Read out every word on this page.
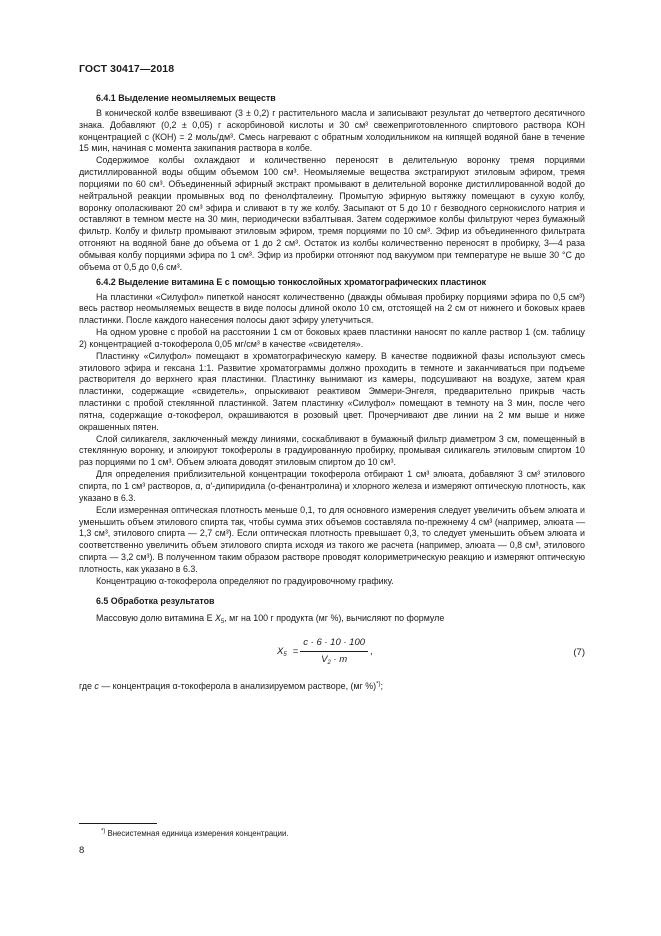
ГОСТ 30417—2018
6.4.1 Выделение неомыляемых веществ

В конической колбе взвешивают (3 ± 0,2) г растительного масла и записывают результат до четвертого десятичного знака. Добавляют (0,2 ± 0,05) г аскорбиновой кислоты и 30 см³ свежеприготовленного спиртового раствора КОН концентрацией с (КОН) = 2 моль/дм³. Смесь нагревают с обратным холодильником на кипящей водяной бане в течение 15 мин, начиная с момента закипания раствора в колбе.

Содержимое колбы охлаждают и количественно переносят в делительную воронку тремя порциями дистиллированной воды общим объемом 100 см³. Неомыляемые вещества экстрагируют этиловым эфиром, тремя порциями по 60 см³. Объединенный эфирный экстракт промывают в делительной воронке дистиллированной водой до нейтральной реакции промывных вод по фенолфталеину. Промытую эфирную вытяжку помещают в сухую колбу, воронку ополаскивают 20 см³ эфира и сливают в ту же колбу. Засыпают от 5 до 10 г безводного сернокислого натрия и оставляют в темном месте на 30 мин, периодически взбалтывая. Затем содержимое колбы фильтруют через бумажный фильтр. Колбу и фильтр промывают этиловым эфиром, тремя порциями по 10 см³. Эфир из объединенного фильтрата отгоняют на водяной бане до объема от 1 до 2 см³. Остаток из колбы количественно переносят в пробирку, 3—4 раза обмывая колбу порциями эфира по 1 см³. Эфир из пробирки отгоняют под вакуумом при температуре не выше 30 °С до объема от 0,5 до 0,6 см³.

6.4.2 Выделение витамина Е с помощью тонкослойных хроматографических пластинок

На пластинки «Силуфол» пипеткой наносят количественно (дважды обмывая пробирку порциями эфира по 0,5 см³) весь раствор неомыляемых веществ в виде полосы длиной около 10 см, отстоящей на 2 см от нижнего и боковых краев пластинки. После каждого нанесения полосы дают эфиру улетучиться.

На одном уровне с пробой на расстоянии 1 см от боковых краев пластинки наносят по капле раствор 1 (см. таблицу 2) концентрацией α-токоферола 0,05 мг/см³ в качестве «свидетеля».

Пластинку «Силуфол» помещают в хроматографическую камеру. В качестве подвижной фазы используют смесь этилового эфира и гексана 1:1. Развитие хроматограммы должно проходить в темноте и заканчиваться при подъеме растворителя до верхнего края пластинки. Пластинку вынимают из камеры, подсушивают на воздухе, затем края пластинки, содержащие «свидетель», опрыскивают реактивом Эммери-Энгеля, предварительно прикрыв часть пластинки с пробой стеклянной пластинкой. Затем пластинку «Силуфол» помещают в темноту на 3 мин, после чего пятна, содержащие α-токоферол, окрашиваются в розовый цвет. Прочерчивают две линии на 2 мм выше и ниже окрашенных пятен.

Слой силикагеля, заключенный между линиями, соскабливают в бумажный фильтр диаметром 3 см, помещенный в стеклянную воронку, и элюируют токоферолы в градуированную пробирку, промывая силикагель этиловым спиртом 10 раз порциями по 1 см³. Объем элюата доводят этиловым спиртом до 10 см³.

Для определения приблизительной концентрации токоферола отбирают 1 см³ элюата, добавляют 3 см³ этилового спирта, по 1 см³ растворов, α, α'-дипиридила (о-фенантролина) и хлорного железа и измеряют оптическую плотность, как указано в 6.3.

Если измеренная оптическая плотность меньше 0,1, то для основного измерения следует увеличить объем элюата и уменьшить объем этилового спирта так, чтобы сумма этих объемов составляла по-прежнему 4 см³ (например, элюата — 1,3 см³, этилового спирта — 2,7 см³). Если оптическая плотность превышает 0,3, то следует уменьшить объем элюата и соответственно увеличить объем этилового спирта исходя из такого же расчета (например, элюата — 0,8 см³, этилового спирта — 3,2 см³). В полученном таким образом растворе проводят колориметрическую реакцию и измеряют оптическую плотность, как указано в 6.3.

Концентрацию α-токоферола определяют по градуировочному графику.

6.5 Обработка результатов

Массовую долю витамина Е $X_5$, мг на 100 г продукта (мг %), вычисляют по формуле

$X_5 = \frac{c \cdot 6 \cdot 10 \cdot 100}{V_2 \cdot m}$ ,	(7)

где c — концентрация α-токоферола в анализируемом растворе, (мг %)*);

*) Внесистемная единица измерения концентрации.
8
